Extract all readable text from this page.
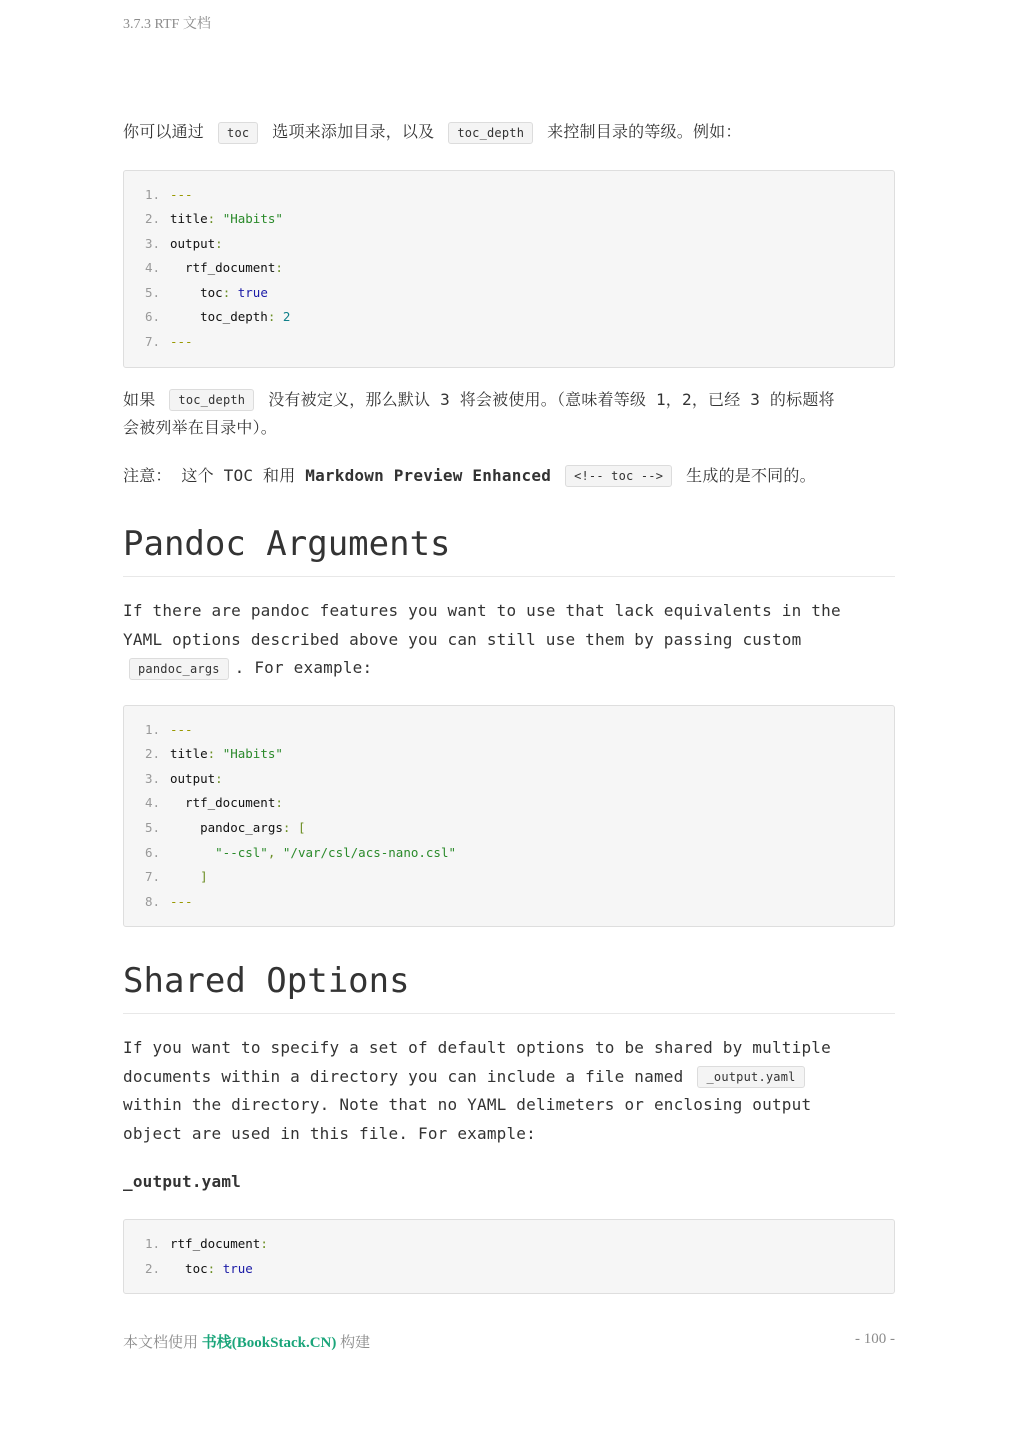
3.7.3 RTF 文档

你可以通过 toc 选项来添加目录，以及 toc_depth 来控制目录的等级。例如：

1. ---
2. title : "Habits"
3. output :
4. rtf_document :
5. toc : true
6. toc_depth : 2
7. ---

如果 toc_depth 没有被定义，那么默认 3 将会被使用。（意味着等级 1，2，已经 3 的标题将
会被列举在目录中）。

注意： 这个 TOC 和用 Markdown Preview Enhanced <!-- toc --> 生成的是不同的。

Pandoc Arguments

If there are pandoc features you want to use that lack equivalents in the
YAML options described above you can still use them by passing custom
pandoc_args . For example:

1. ---
2. title : "Habits"
3. output :
4. rtf_document :
5. pandoc_args : [
6.
	"--csl" , "/var/csl/acs-nano.csl"
7.
	]
8. ---
Shared Options

If you want to specify a set of default options to be shared by multiple
documents within a directory you can include a file named _output.yaml
within the directory. Note that no YAML delimeters or enclosing output
object are used in this file. For example:

_output.yaml

1. rtf_document :
2. toc : true
本文档使用 书栈(BookStack.CN) 构建	- 100 -
